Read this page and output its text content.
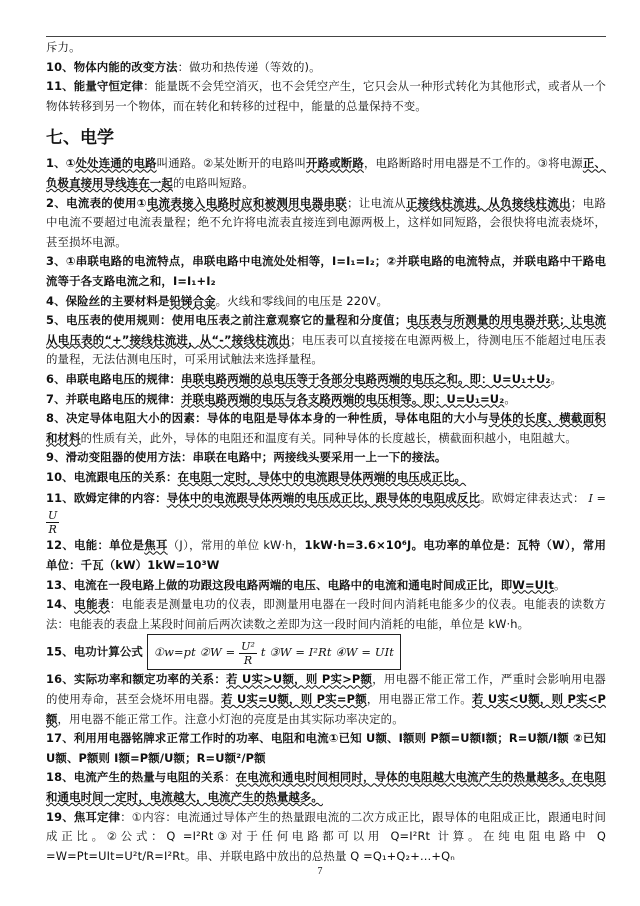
斥力。

10、物体内能的改变方法：做功和热传递（等效的)。

11、能量守恒定律：能量既不会凭空消灭，也不会凭空产生，它只会从一种形式转化为其他形式，或者从一个物体转移到另一个物体，而在转化和转移的过程中，能量的总量保持不变。

七、电学

1、①处处连通的电路叫通路。②某处断开的电路叫开路或断路，电路断路时用电器是不工作的。③将电源正、负极直接用导线连在一起的电路叫短路。

2、电流表的使用①电流表接入电路时应和被测用电器串联；让电流从正接线柱流进，从负接线柱流出；电路中电流不要超过电流表量程；绝不允许将电流表直接连到电源两极上，这样如同短路，会很快将电流表烧坏，甚至损坏电源。

3、①串联电路的电流特点，串联电路中电流处处相等，I=I₁=I₂；②并联电路的电流特点，并联电路中干路电流等于各支路电流之和，I=I₁+I₂

4、保险丝的主要材料是铅锑合金。火线和零线间的电压是 220V。

5、电压表的使用规则：使用电压表之前注意观察它的量程和分度值；电压表与所测量的用电器并联；让电流从电压表的“+”接线柱流进，从“-”接线柱流出；电压表可以直接接在电源两极上，待测电压不能超过电压表的量程，无法估测电压时，可采用试触法来选择量程。

6、串联电路电压的规律：串联电路两端的总电压等于各部分电路两端的电压之和。即：U=U₁+U₂。

7、并联电路电压的规律：并联电路两端的电压与各支路两端的电压相等。即：U=U₁=U₂。

8、决定导体电阻大小的因素：导体的电阻是导体本身的一种性质，导体电阻的大小与导体的长度、横截面积和材料的性质有关，此外，导体的电阻还和温度有关。同种导体的长度越长，横截面积越小，电阻越大。

9、滑动变阻器的使用方法：串联在电路中；两接线头要采用一上一下的接法。

10、电流跟电压的关系：在电阻一定时，导体中的电流跟导体两端的电压成正比。

11、欧姆定律的内容：导体中的电流跟导体两端的电压成正比，跟导体的电阻成反比。欧姆定律表达式： I =
$\frac{U}{R}$

12、电能：单位是焦耳（J），常用的单位 kW·h，1kW·h=3.6×10⁶J。电功率的单位是：瓦特（W），常用单位：千瓦（kW）1kW=10³W

13、电流在一段电路上做的功跟这段电路两端的电压、电路中的电流和通电时间成正比，即W=UIt。

14、电能表：电能表是测量电功的仪表，即测量用电器在一段时间内消耗电能多少的仪表。电能表的读数方法：电能表的表盘上某段时间前后两次读数之差即为这一段时间内消耗的电能，单位是 kW·h。

15、电功计算公式 ①w=pt ②W = $\frac{\text{U²}}{R}$ t ③W = I²Rt ④W = UIt

16、实际功率和额定功率的关系：若 U实>U额，则 P实>P额，用电器不能正常工作，严重时会影响用电器的使用寿命，甚至会烧坏用电器。若 U实=U额，则 P实=P额，用电器正常工作。若 U实<U额，则 P实<P额，用电器不能正常工作。注意小灯泡的亮度是由其实际功率决定的。

17、利用用电器铭牌求正常工作时的功率、电阻和电流①已知 U额、I额则 P额=U额I额；R=U额/I额 ②已知 U额、P额则 I额=P额/U额；R=U额²/P额

18、电流产生的热量与电阻的关系：在电流和通电时间相同时，导体的电阻越大电流产生的热量越多。在电阻和通电时间一定时，电流越大，电流产生的热量越多。

19、焦耳定律：①内容：电流通过导体产生的热量跟电流的二次方成正比，跟导体的电阻成正比，跟通电时间成正比。②公式：Q =I²Rt③对于任何电路都可以用 Q=I²Rt 计算。在纯电阻电路中 Q =W=Pt=UIt=U²t/R=I²Rt。串、并联电路中放出的总热量 Q =Q₁+Q₂+…+Qₙ

7
